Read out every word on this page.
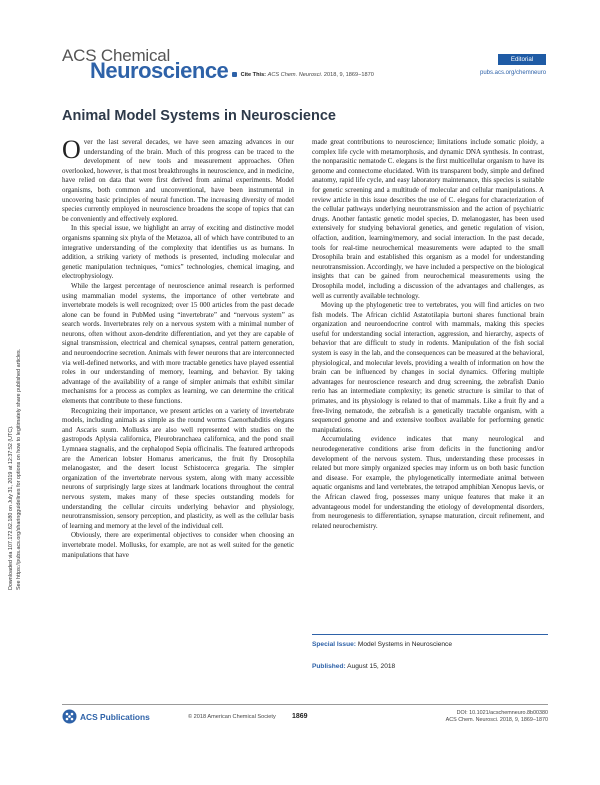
ACS Chemical
Neuroscience	Cite This: ACS Chem. Neurosci. 2018, 9, 1869−1870
Editorial
pubs.acs.org/chemneuro
Downloaded via 107.172.62.180 on July 31, 2019 at 12:37:52 (UTC). See https://pubs.acs.org/sharingguidelines for options on how to legitimately share published articles.
Animal Model Systems in Neuroscience

Over the last several decades, we have seen amazing advances in our understanding of the brain. Much of this progress can be traced to the development of new tools and measurement approaches. Often overlooked, however, is that most breakthroughs in neuroscience, and in medicine, have relied on data that were first derived from animal experiments. Model organisms, both common and unconventional, have been instrumental in uncovering basic principles of neural function. The increasing diversity of model species currently employed in neuroscience broadens the scope of topics that can be conveniently and effectively explored.

In this special issue, we highlight an array of exciting and distinctive model organisms spanning six phyla of the Metazoa, all of which have contributed to an integrative understanding of the complexity that identifies us as humans. In addition, a striking variety of methods is presented, including molecular and genetic manipulation techniques, “omics” technologies, chemical imaging, and electrophysiology.

While the largest percentage of neuroscience animal research is performed using mammalian model systems, the importance of other vertebrate and invertebrate models is well recognized; over 15 000 articles from the past decade alone can be found in PubMed using “invertebrate” and “nervous system” as search words. Invertebrates rely on a nervous system with a minimal number of neurons, often without axon-dendrite differentiation, and yet they are capable of signal transmission, electrical and chemical synapses, central pattern generation, and neuroendocrine secretion. Animals with fewer neurons that are interconnected via well-defined networks, and with more tractable genetics have played essential roles in our understanding of memory, learning, and behavior. By taking advantage of the availability of a range of simpler animals that exhibit similar mechanisms for a process as complex as learning, we can determine the critical elements that contribute to these functions.

Recognizing their importance, we present articles on a variety of invertebrate models, including animals as simple as the round worms Caenorhabditis elegans and Ascaris suum. Mollusks are also well represented with studies on the gastropods Aplysia californica, Pleurobranchaea californica, and the pond snail Lymnaea stagnalis, and the cephalopod Sepia officinalis. The featured arthropods are the American lobster Homarus americanus, the fruit fly Drosophila melanogaster, and the desert locust Schistocerca gregaria. The simpler organization of the invertebrate nervous system, along with many accessible neurons of surprisingly large sizes at landmark locations throughout the central nervous system, makes many of these species outstanding models for understanding the cellular circuits underlying behavior and physiology, neurotransmission, sensory perception, and plasticity, as well as the cellular basis of learning and memory at the level of the individual cell.

Obviously, there are experimental objectives to consider when choosing an invertebrate model. Mollusks, for example, are not as well suited for the genetic manipulations that have

made great contributions to neuroscience; limitations include somatic ploidy, a complex life cycle with metamorphosis, and dynamic DNA synthesis. In contrast, the nonparasitic nematode C. elegans is the first multicellular organism to have its genome and connectome elucidated. With its transparent body, simple and defined anatomy, rapid life cycle, and easy laboratory maintenance, this species is suitable for genetic screening and a multitude of molecular and cellular manipulations. A review article in this issue describes the use of C. elegans for characterization of the cellular pathways underlying neurotransmission and the action of psychiatric drugs. Another fantastic genetic model species, D. melanogaster, has been used extensively for studying behavioral genetics, and genetic regulation of vision, olfaction, audition, learning/memory, and social interaction. In the past decade, tools for real-time neurochemical measurements were adapted to the small Drosophila brain and established this organism as a model for understanding neurotransmission. Accordingly, we have included a perspective on the biological insights that can be gained from neurochemical measurements using the Drosophila model, including a discussion of the advantages and challenges, as well as currently available technology.

Moving up the phylogenetic tree to vertebrates, you will find articles on two fish models. The African cichlid Astatotilapia burtoni shares functional brain organization and neuroendocrine control with mammals, making this species useful for understanding social interaction, aggression, and hierarchy, aspects of behavior that are difficult to study in rodents. Manipulation of the fish social system is easy in the lab, and the consequences can be measured at the behavioral, physiological, and molecular levels, providing a wealth of information on how the brain can be influenced by changes in social dynamics. Offering multiple advantages for neuroscience research and drug screening, the zebrafish Danio rerio has an intermediate complexity; its genetic structure is similar to that of primates, and its physiology is related to that of mammals. Like a fruit fly and a free-living nematode, the zebrafish is a genetically tractable organism, with a sequenced genome and and extensive toolbox available for performing genetic manipulations.

Accumulating evidence indicates that many neurological and neurodegenerative conditions arise from deficits in the functioning and/or development of the nervous system. Thus, understanding these processes in related but more simply organized species may inform us on both basic function and disease. For example, the phylogenetically intermediate animal between aquatic organisms and land vertebrates, the tetrapod amphibian Xenopus laevis, or the African clawed frog, possesses many unique features that make it an advantageous model for understanding the etiology of developmental disorders, from neurogenesis to differentiation, synapse maturation, circuit refinement, and related neurochemistry.

Special Issue: Model Systems in Neuroscience
Published: August 15, 2018
ACS Publications	© 2018 American Chemical Society 1869	DOI: 10.1021/acschemneuro.8b00380
ACS Chem. Neurosci. 2018, 9, 1869−1870
